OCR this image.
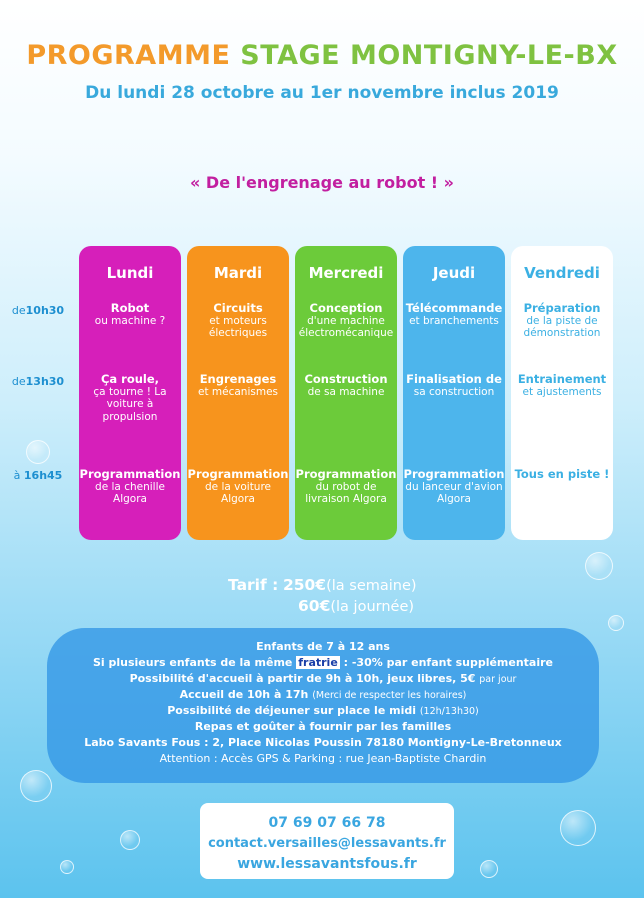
PROGRAMME STAGE MONTIGNY-LE-BX
Du lundi 28 octobre au 1er novembre inclus 2019
« De l'engrenage au robot ! »
de10h30
de13h30
à 16h45
Lundi
Robot
ou machine ?
Ça roule,
ça tourne ! La voiture à propulsion
Programmation
de la chenille Algora
Mardi
Circuits
et moteurs électriques
Engrenages
et mécanismes
Programmation
de la voiture Algora
Mercredi
Conception
d'une machine électromécanique
Construction
de sa machine
Programmation
du robot de livraison Algora
Jeudi
Télécommande
et branchements
Finalisation de
sa construction
Programmation
du lanceur d'avion Algora
Vendredi
Préparation
de la piste de démonstration
Entrainement
et ajustements
Tous en piste !
Tarif : 250€(la semaine)
60€(la journée)
Enfants de 7 à 12 ans
Si plusieurs enfants de la même fratrie : -30% par enfant supplémentaire
Possibilité d'accueil à partir de 9h à 10h, jeux libres, 5€ par jour
Accueil de 10h à 17h (Merci de respecter les horaires)
Possibilité de déjeuner sur place le midi (12h/13h30)
Repas et goûter à fournir par les familles
Labo Savants Fous : 2, Place Nicolas Poussin 78180 Montigny-Le-Bretonneux
Attention : Accès GPS & Parking : rue Jean-Baptiste Chardin
07 69 07 66 78
contact.versailles@lessavants.fr
www.lessavantsfous.fr
